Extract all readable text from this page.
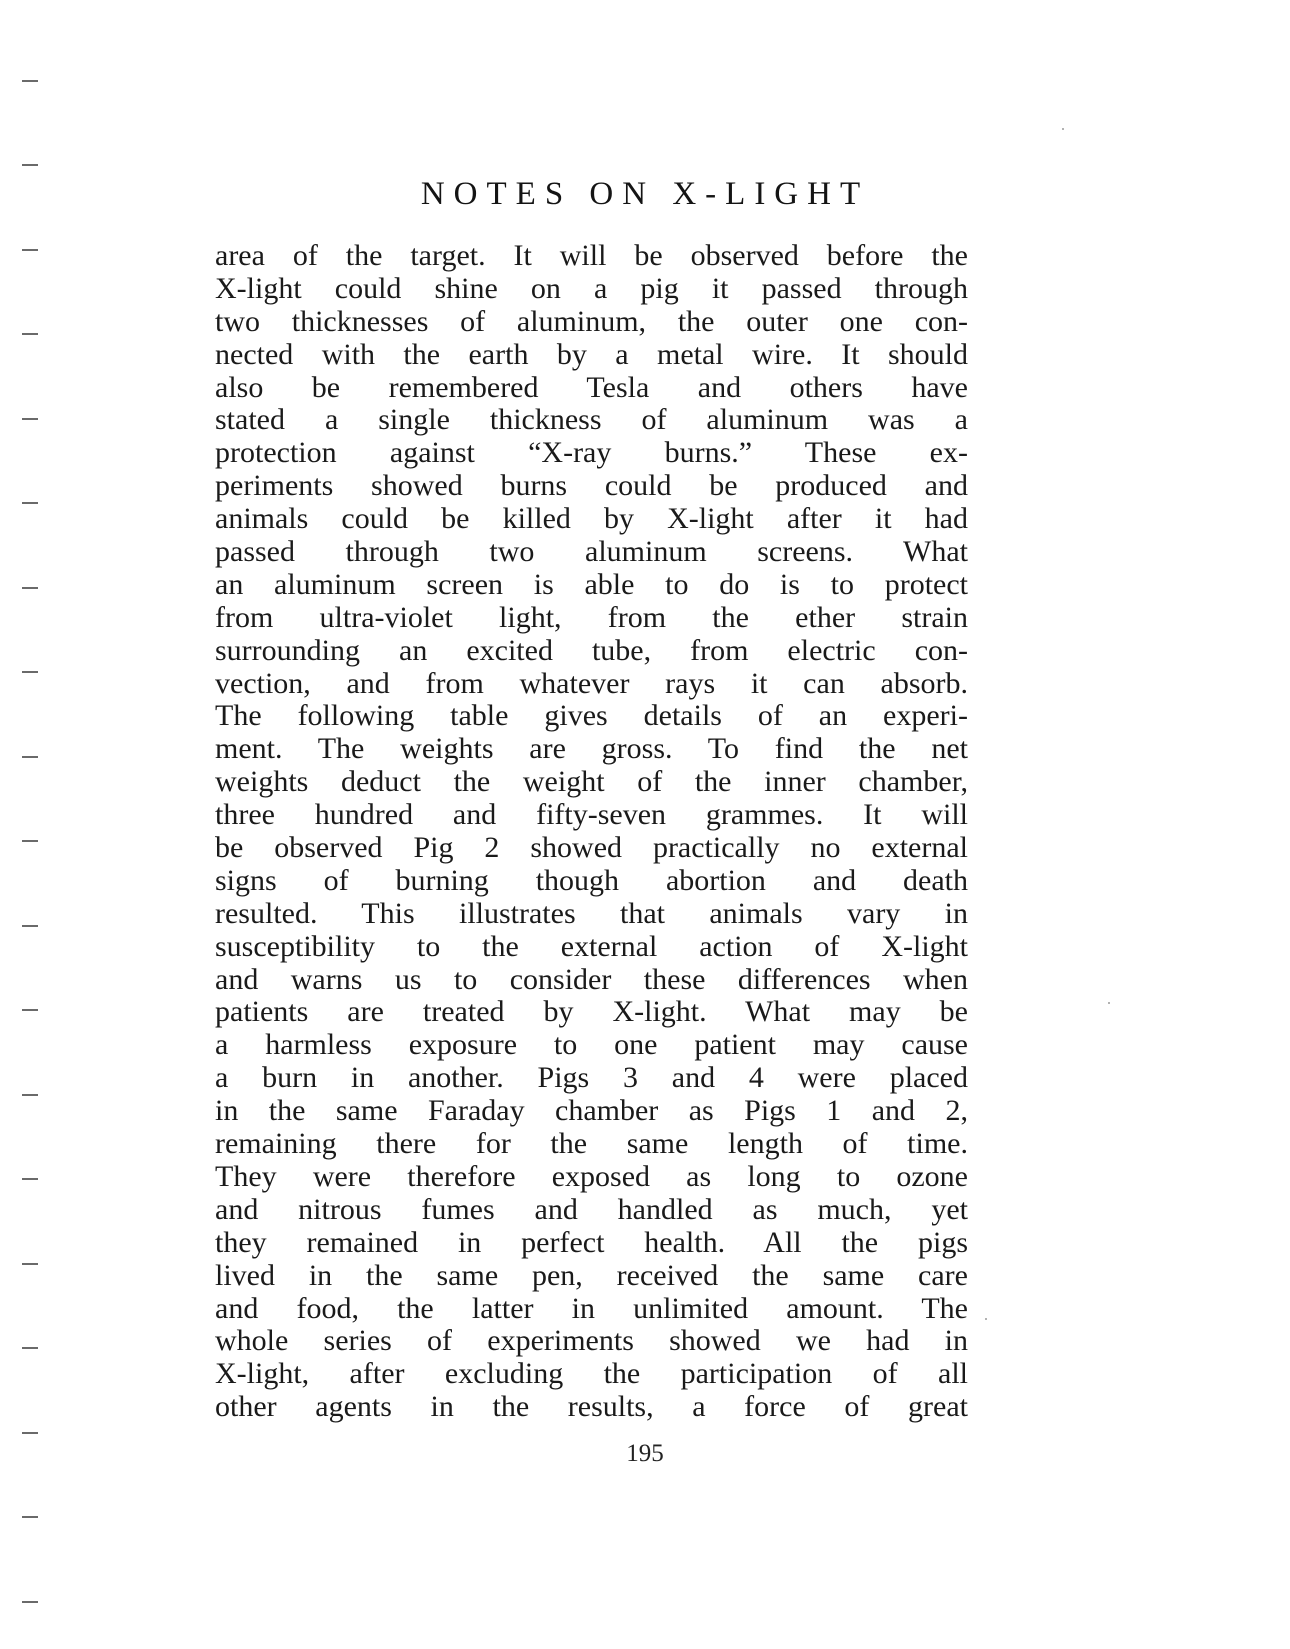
NOTES ON X-LIGHT
area of the target. It will be observed before the
X-light could shine on a pig it passed through
two thicknesses of aluminum, the outer one con-
nected with the earth by a metal wire. It should
also be remembered Tesla and others have
stated a single thickness of aluminum was a
protection against “X-ray burns.” These ex-
periments showed burns could be produced and
animals could be killed by X-light after it had
passed through two aluminum screens. What
an aluminum screen is able to do is to protect
from ultra-violet light, from the ether strain
surrounding an excited tube, from electric con-
vection, and from whatever rays it can absorb.
The following table gives details of an experi-
ment. The weights are gross. To find the net
weights deduct the weight of the inner chamber,
three hundred and fifty-seven grammes. It will
be observed Pig 2 showed practically no external
signs of burning though abortion and death
resulted. This illustrates that animals vary in
susceptibility to the external action of X-light
and warns us to consider these differences when
patients are treated by X-light. What may be
a harmless exposure to one patient may cause
a burn in another. Pigs 3 and 4 were placed
in the same Faraday chamber as Pigs 1 and 2,
remaining there for the same length of time.
They were therefore exposed as long to ozone
and nitrous fumes and handled as much, yet
they remained in perfect health. All the pigs
lived in the same pen, received the same care
and food, the latter in unlimited amount. The
whole series of experiments showed we had in
X-light, after excluding the participation of all
other agents in the results, a force of great
195
